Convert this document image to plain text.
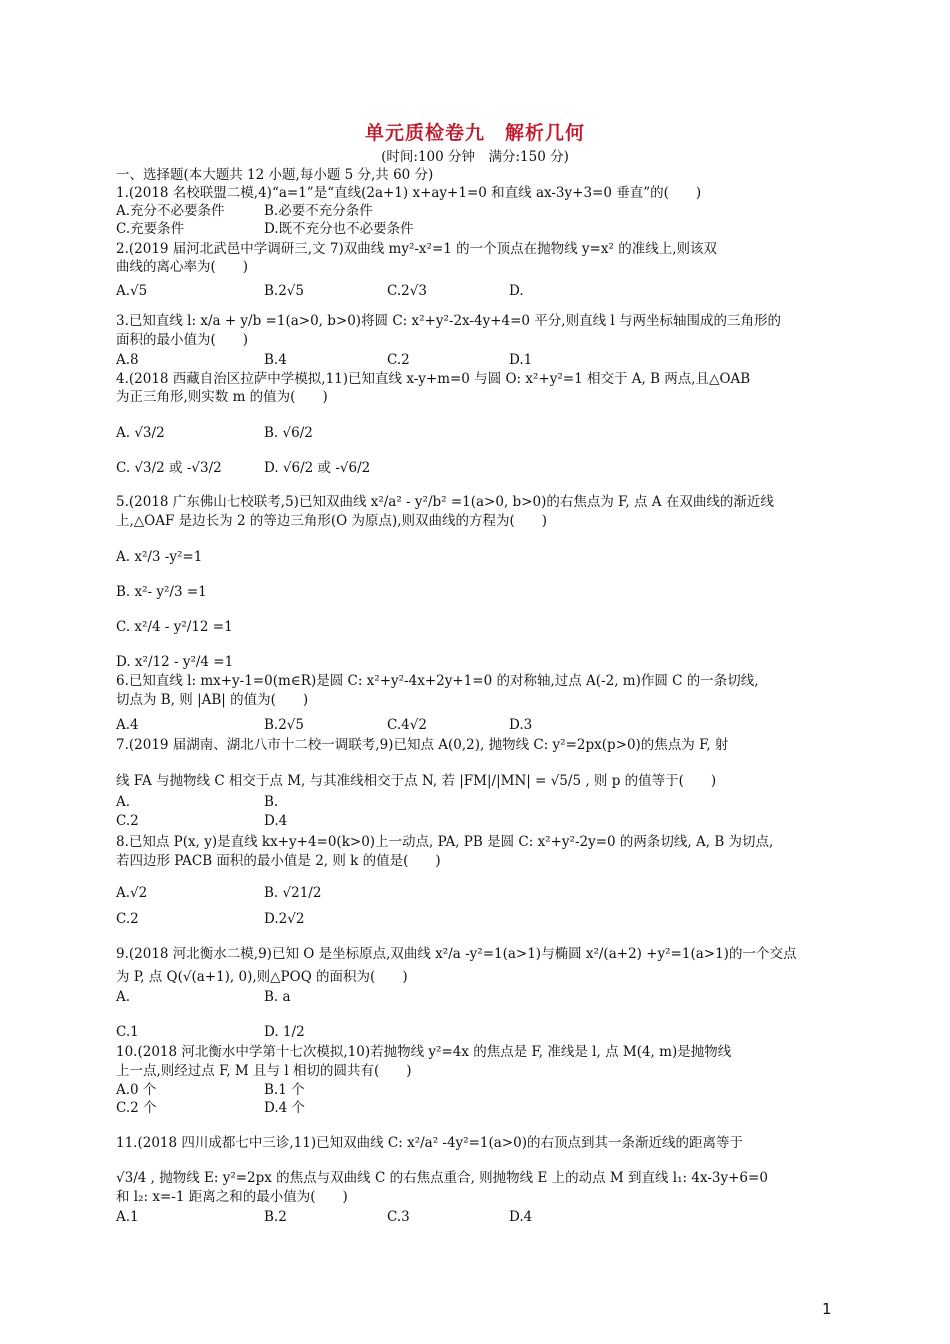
单元质检卷九　解析几何
(时间:100 分钟　满分:150 分)
一、选择题(本大题共 12 小题,每小题 5 分,共 60 分)
1.(2018 名校联盟二模,4)“a=1”是“直线(2a+1) x+ay+1=0 和直线 ax-3y+3=0 垂直”的(　　)
A.充分不必要条件	B.必要不充分条件
C.充要条件	D.既不充分也不必要条件
2.(2019 届河北武邑中学调研三,文 7)双曲线 my²-x²=1 的一个顶点在抛物线 y=x² 的准线上,则该双
曲线的离心率为(　　)
A.√5	B.2√5	C.2√3	D.
3.已知直线 l: x/a + y/b =1(a>0, b>0)将圆 C: x²+y²-2x-4y+4=0 平分,则直线 l 与两坐标轴围成的三角形的
面积的最小值为(　　)
A.8	B.4	C.2	D.1
4.(2018 西藏自治区拉萨中学模拟,11)已知直线 x-y+m=0 与圆 O: x²+y²=1 相交于 A, B 两点,且△OAB
为正三角形,则实数 m 的值为(　　)
A. √3/2	B. √6/2
C. √3/2 或 -√3/2	D. √6/2 或 -√6/2
5.(2018 广东佛山七校联考,5)已知双曲线 x²/a² - y²/b² =1(a>0, b>0)的右焦点为 F, 点 A 在双曲线的渐近线
上,△OAF 是边长为 2 的等边三角形(O 为原点),则双曲线的方程为(　　)
A. x²/3 -y²=1
B. x²- y²/3 =1
C. x²/4 - y²/12 =1
D. x²/12 - y²/4 =1
6.已知直线 l: mx+y-1=0(m∈R)是圆 C: x²+y²-4x+2y+1=0 的对称轴,过点 A(-2, m)作圆 C 的一条切线,
切点为 B, 则 |AB| 的值为(　　)
A.4	B.2√5	C.4√2	D.3
7.(2019 届湖南、湖北八市十二校一调联考,9)已知点 A(0,2), 抛物线 C: y²=2px(p>0)的焦点为 F, 射
线 FA 与抛物线 C 相交于点 M, 与其准线相交于点 N, 若 |FM|/|MN| = √5/5 , 则 p 的值等于(　　)
A.	B.
C.2	D.4
8.已知点 P(x, y)是直线 kx+y+4=0(k>0)上一动点, PA, PB 是圆 C: x²+y²-2y=0 的两条切线, A, B 为切点,
若四边形 PACB 面积的最小值是 2, 则 k 的值是(　　)
A.√2	B. √21/2
C.2	D.2√2
9.(2018 河北衡水二模,9)已知 O 是坐标原点,双曲线 x²/a -y²=1(a>1)与椭圆 x²/(a+2) +y²=1(a>1)的一个交点
为 P, 点 Q(√(a+1), 0),则△POQ 的面积为(　　)
A.	B. a
C.1	D. 1/2
10.(2018 河北衡水中学第十七次模拟,10)若抛物线 y²=4x 的焦点是 F, 准线是 l, 点 M(4, m)是抛物线
上一点,则经过点 F, M 且与 l 相切的圆共有(　　)
A.0 个	B.1 个
C.2 个	D.4 个
11.(2018 四川成都七中三诊,11)已知双曲线 C: x²/a² -4y²=1(a>0)的右顶点到其一条渐近线的距离等于
√3/4 , 抛物线 E: y²=2px 的焦点与双曲线 C 的右焦点重合, 则抛物线 E 上的动点 M 到直线 l₁: 4x-3y+6=0
和 l₂: x=-1 距离之和的最小值为(　　)
A.1	B.2	C.3	D.4
1
